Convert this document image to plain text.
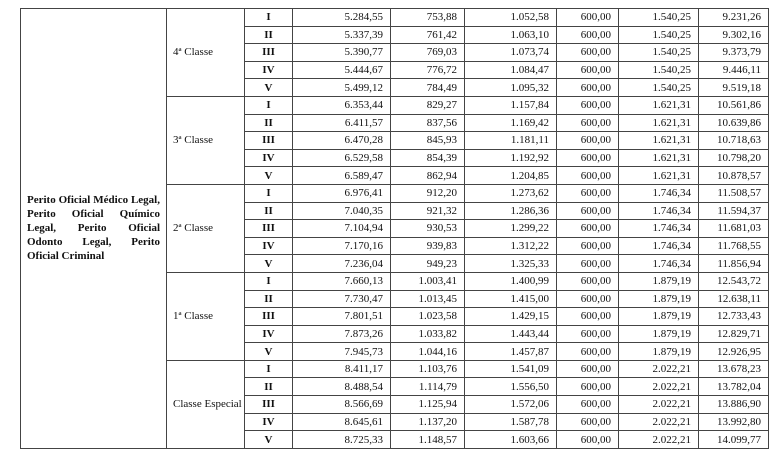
Perito Oficial Médico Legal, Perito Oficial Químico Legal, Perito Oficial Odonto Legal, Perito Oficial Criminal	4ª Classe	I	5.284,55	753,88	1.052,58	600,00	1.540,25	9.231,26
		II	5.337,39	761,42	1.063,10	600,00	1.540,25	9.302,16
		III	5.390,77	769,03	1.073,74	600,00	1.540,25	9.373,79
		IV	5.444,67	776,72	1.084,47	600,00	1.540,25	9.446,11
		V	5.499,12	784,49	1.095,32	600,00	1.540,25	9.519,18
	3ª Classe	I	6.353,44	829,27	1.157,84	600,00	1.621,31	10.561,86
		II	6.411,57	837,56	1.169,42	600,00	1.621,31	10.639,86
		III	6.470,28	845,93	1.181,11	600,00	1.621,31	10.718,63
		IV	6.529,58	854,39	1.192,92	600,00	1.621,31	10.798,20
		V	6.589,47	862,94	1.204,85	600,00	1.621,31	10.878,57
	2ª Classe	I	6.976,41	912,20	1.273,62	600,00	1.746,34	11.508,57
		II	7.040,35	921,32	1.286,36	600,00	1.746,34	11.594,37
		III	7.104,94	930,53	1.299,22	600,00	1.746,34	11.681,03
		IV	7.170,16	939,83	1.312,22	600,00	1.746,34	11.768,55
		V	7.236,04	949,23	1.325,33	600,00	1.746,34	11.856,94
	1ª Classe	I	7.660,13	1.003,41	1.400,99	600,00	1.879,19	12.543,72
		II	7.730,47	1.013,45	1.415,00	600,00	1.879,19	12.638,11
		III	7.801,51	1.023,58	1.429,15	600,00	1.879,19	12.733,43
		IV	7.873,26	1.033,82	1.443,44	600,00	1.879,19	12.829,71
		V	7.945,73	1.044,16	1.457,87	600,00	1.879,19	12.926,95
	Classe Especial	I	8.411,17	1.103,76	1.541,09	600,00	2.022,21	13.678,23
		II	8.488,54	1.114,79	1.556,50	600,00	2.022,21	13.782,04
		III	8.566,69	1.125,94	1.572,06	600,00	2.022,21	13.886,90
		IV	8.645,61	1.137,20	1.587,78	600,00	2.022,21	13.992,80
		V	8.725,33	1.148,57	1.603,66	600,00	2.022,21	14.099,77
